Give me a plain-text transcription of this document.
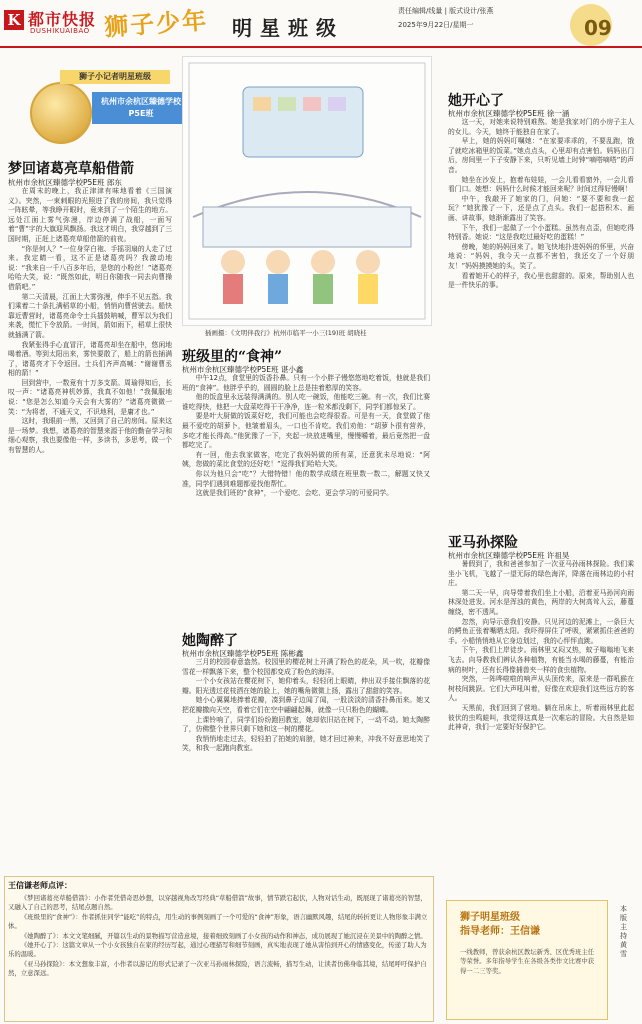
K 都市快报
DUSHIKUAIBAO 狮子少年 明星班级
责任编辑/线量 | 版式设计/张燕
2025年9月22日/星期一	09
狮子小记者明星班级
杭州市余杭区臻德学校P5E班
梦回诸葛亮草船借箭
杭州市余杭区臻德学校P5E班 郎东

在周末的晚上，我正津津有味地看着《三国演义》。突然，一束刺眼的光照进了我的房间，我只觉得一阵眩晕，等我睁开眼时，竟来到了一个陌生的地方。远处江面上雾气弥漫，岸边停满了战船，一面写着“曹”字的大旗迎风飘扬。我这才明白，我穿越到了三国时期，正赶上诸葛亮草船借箭的前夜。

“你是何人？”一位身穿白袍、手摇羽扇的人走了过来。我定睛一看，这不正是诸葛亮吗？我激动地说：“我来自一千八百多年后，是您的小粉丝！”诸葛亮哈哈大笑，说：“既然如此，明日你随我一同去向曹操借箭吧。”

第二天清晨，江面上大雾弥漫，伸手不见五指。我们乘着二十条扎满稻草的小船，悄悄向曹营驶去。船快靠近曹营时，诸葛亮命令士兵擂鼓呐喊，曹军以为我们来袭，慌忙下令放箭。一时间，箭如雨下，稻草上很快就插满了箭。

我紧张得手心直冒汗，诸葛亮却坐在船中，悠闲地喝着酒。等到太阳出来，雾快要散了，船上的箭也插满了，诸葛亮才下令返回。士兵们齐声高喊：“谢谢曹丞相的箭！”

回到营中，一数竟有十万多支箭。周瑜得知后，长叹一声：“诸葛亮神机妙算，我真不如他！”我佩服地说：“您是怎么知道今天会有大雾的？”诸葛亮微微一笑：“为将者，不通天文，不识地利，是庸才也。”

这时，我眼前一黑，又回到了自己的房间。原来这是一场梦。我想，诸葛亮的智慧来源于他的勤奋学习和细心观察，我也要像他一样，多读书，多思考，做一个有智慧的人。

插画摄：《文明伴我行》杭州市临平一小三(19)班 胡晓桂
班级里的“食神”
杭州市余杭区臻德学校P5E班 谌小鑫

中午12点，食堂里的饭香扑鼻。只有一个小胖子慢悠悠地吃着饭，他就是我们班的“食神”。他胖乎乎的，圆圆的脸上总是挂着憨厚的笑容。

他的饭盒里永远装得满满的。别人吃一碗饭，他能吃三碗。有一次，我们比赛谁吃得快，他把一大盘菜吃得干干净净，连一粒米都没剩下，同学们都惊呆了。

要是叶大厨做的饭菜好吃，我们可能也会吃得很香。可是有一天，食堂做了他最不爱吃的胡萝卜，他皱着眉头，一口也不肯吃。我们劝他：“胡萝卜很有营养，多吃才能长得高。”他犹豫了一下，夹起一块放进嘴里，慢慢嚼着，最后竟然把一盘都吃完了。

有一回，他去我家做客，吃完了我妈妈做的所有菜，还意犹未尽地说：“阿姨，您做的菜比食堂的还好吃！”逗得我们哈哈大笑。

你以为他只会“吃”？大错特错！他的数学成绩在班里数一数二，解题又快又准，同学们遇到难题都爱找他帮忙。

这就是我们班的“食神”，一个爱吃、会吃、更会学习的可爱同学。

她陶醉了
杭州市余杭区臻德学校P5E班 陈彬鑫

三月的校园春意盎然。校园里的樱花树上开满了粉色的花朵，风一吹，花瓣像雪花一样飘落下来，整个校园都变成了粉色的海洋。

一个小女孩站在樱花树下，她仰着头，轻轻闭上眼睛，伸出双手接住飘落的花瓣。阳光透过花枝洒在她的脸上，她的嘴角微微上扬，露出了甜甜的笑容。

她小心翼翼地捧着花瓣，凑到鼻子边闻了闻，一股淡淡的清香扑鼻而来。她又把花瓣撒向天空，看着它们在空中翩翩起舞，就像一只只粉色的蝴蝶。

上课铃响了，同学们纷纷跑回教室，她却依旧站在树下，一动不动。她太陶醉了，仿佛整个世界只剩下她和这一树的樱花。

我悄悄地走过去，轻轻拍了拍她的肩膀，她才回过神来，冲我不好意思地笑了笑，和我一起跑向教室。

她开心了
杭州市余杭区臻德学校P5E班 徐一涵

这一天，对她来说特别难熬。她是我家对门的小房子主人的女儿。今天，她终于能独自在家了。

早上，她的妈妈叮嘱她：“在家要乖乖的，不要乱跑，饿了就吃冰箱里的饭菜。”她点点头，心里却有点害怕。妈妈出门后，房间里一下子安静下来，只听见墙上时钟“嘀嗒嘀嗒”的声音。

她坐在沙发上，抱着布娃娃，一会儿看看窗外，一会儿看看门口。她想：妈妈什么时候才能回来呢？时间过得好慢啊！

中午，我敲开了她家的门，问她：“要不要和我一起玩？”她犹豫了一下，还是点了点头。我们一起搭积木、画画、讲故事，她渐渐露出了笑容。

下午，我们一起做了一个小蛋糕。虽然有点歪，但她吃得特别香。她说：“这是我吃过最好吃的蛋糕！”

傍晚，她的妈妈回来了。她飞快地扑进妈妈的怀里，兴奋地说：“妈妈，我今天一点都不害怕，我还交了一个好朋友！”妈妈摸摸她的头，笑了。

看着她开心的样子，我心里也甜甜的。原来，帮助别人也是一件快乐的事。

亚马孙探险
杭州市余杭区臻德学校P5E班 许祖昊

暑假到了，我和爸爸参加了一次亚马孙雨林探险。我们乘坐小飞机，飞越了一望无际的绿色海洋，降落在雨林边的小村庄。

第二天一早，向导带着我们坐上小船，沿着亚马孙河向雨林深处进发。河水是浑浊的黄色，两岸的大树高耸入云，藤蔓缠绕，密不透风。

忽然，向导示意我们安静。只见河边的泥滩上，一条巨大的鳄鱼正张着嘴晒太阳。我吓得屏住了呼吸，紧紧抓住爸爸的手。小船悄悄地从它身边划过，我的心怦怦直跳。

下午，我们上岸徒步。雨林里又闷又热，蚊子嗡嗡地飞来飞去。向导教我们辨认各种植物，有能当水喝的藤蔓，有能治病的树叶，还有长得像捕兽夹一样的食虫植物。

突然，一阵哗啦啦的响声从头顶传来，原来是一群吼猴在树枝间跳跃。它们大声吼叫着，好像在欢迎我们这些远方的客人。

天黑前，我们回到了营地。躺在吊床上，听着雨林里此起彼伏的虫鸣蛙叫，我觉得这真是一次难忘的冒险。大自然是如此神奇，我们一定要好好保护它。

王信谦老师点评：

《梦回诸葛亮草船借箭》：小作者凭借奇思妙想，以穿越视角改写经典“草船借箭”故事，情节跌宕起伏，人物对话生动，既展现了诸葛亮的智慧，又融入了自己的思考，结尾点题自然。

《班级里的“食神”》：作者抓住同学“能吃”的特点，用生动的事例刻画了一个可爱的“食神”形象，语言幽默风趣，结尾的转折更让人物形象丰满立体。

《她陶醉了》：本文文笔细腻，开篇以生动的景物描写营造意境，接着细致刻画了小女孩的动作和神态，成功展现了她沉浸在美景中的陶醉之情。

《她开心了》：这篇文章从一个小女孩独自在家的经历写起，通过心理描写和细节刻画，真实地表现了她从害怕到开心的情感变化，传递了助人为乐的温暖。

《亚马孙探险》：本文想象丰富，小作者以游记的形式记录了一次亚马孙雨林探险，语言流畅，描写生动，让读者仿佛身临其境，结尾呼吁保护自然，立意深远。

狮子明星班级
指导老师：王信谦
一线教师，曾获余杭区教坛新秀、区优秀班主任等荣誉。多年指导学生在各级各类作文比赛中获得一二三等奖。
本版主持黄雪
